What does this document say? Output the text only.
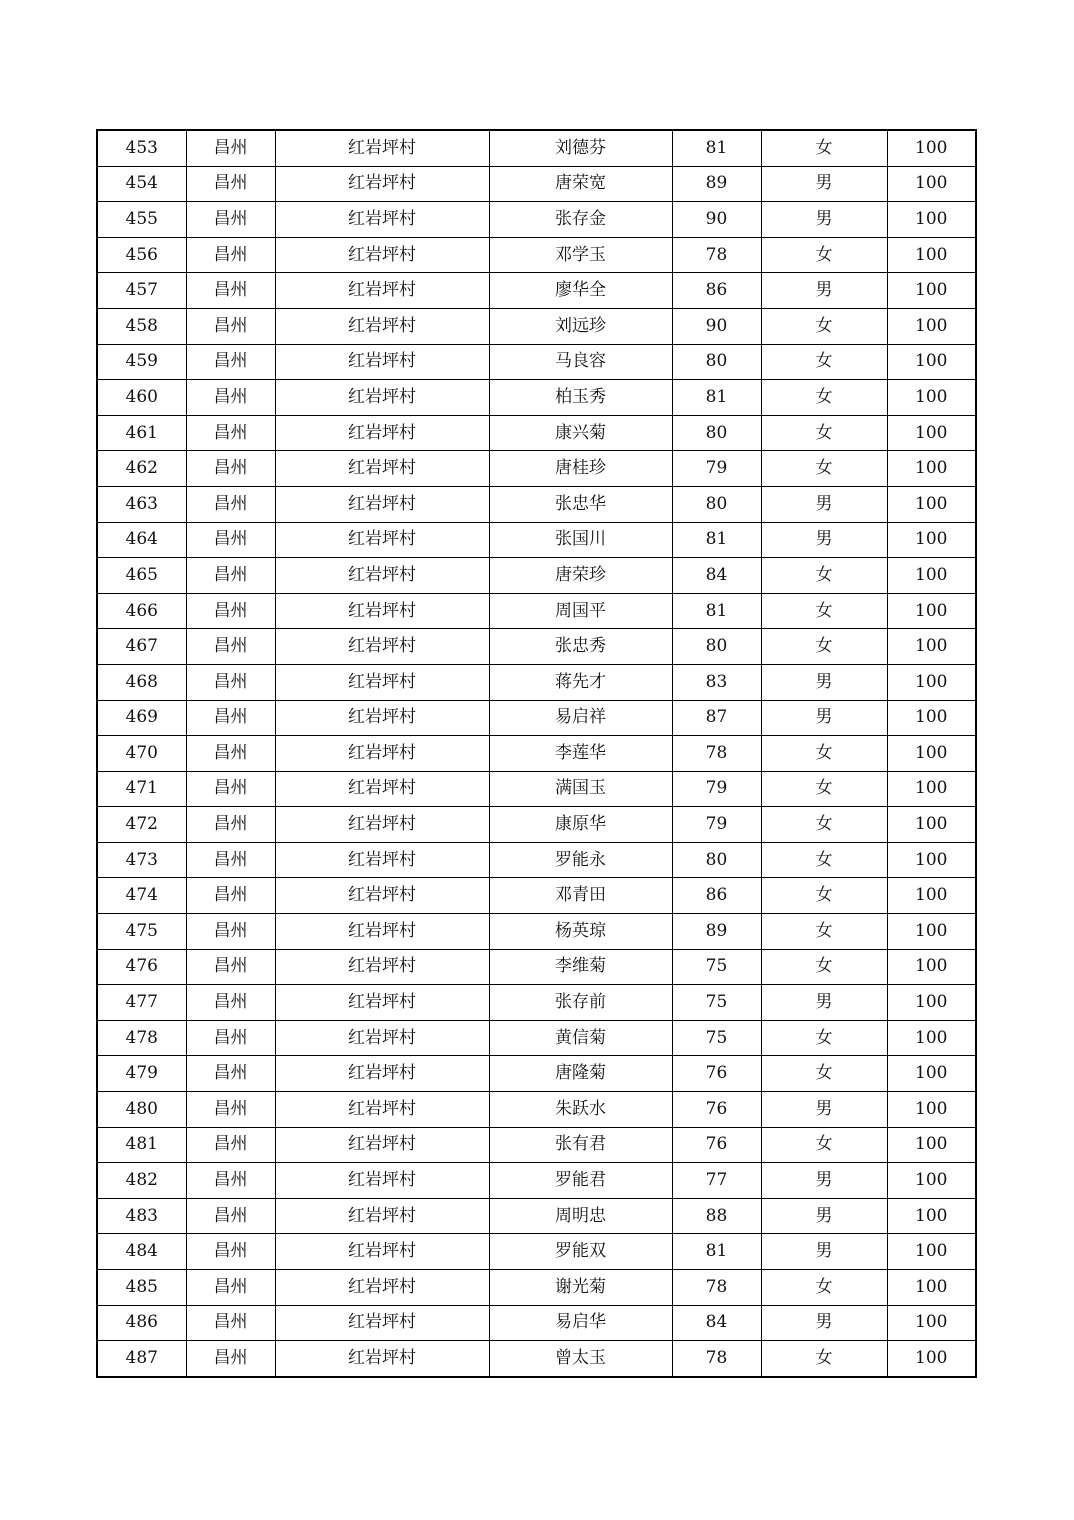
453	昌州	红岩坪村	刘德芬	81	女	100
454	昌州	红岩坪村	唐荣宽	89	男	100
455	昌州	红岩坪村	张存金	90	男	100
456	昌州	红岩坪村	邓学玉	78	女	100
457	昌州	红岩坪村	廖华全	86	男	100
458	昌州	红岩坪村	刘远珍	90	女	100
459	昌州	红岩坪村	马良容	80	女	100
460	昌州	红岩坪村	柏玉秀	81	女	100
461	昌州	红岩坪村	康兴菊	80	女	100
462	昌州	红岩坪村	唐桂珍	79	女	100
463	昌州	红岩坪村	张忠华	80	男	100
464	昌州	红岩坪村	张国川	81	男	100
465	昌州	红岩坪村	唐荣珍	84	女	100
466	昌州	红岩坪村	周国平	81	女	100
467	昌州	红岩坪村	张忠秀	80	女	100
468	昌州	红岩坪村	蒋先才	83	男	100
469	昌州	红岩坪村	易启祥	87	男	100
470	昌州	红岩坪村	李莲华	78	女	100
471	昌州	红岩坪村	满国玉	79	女	100
472	昌州	红岩坪村	康原华	79	女	100
473	昌州	红岩坪村	罗能永	80	女	100
474	昌州	红岩坪村	邓青田	86	女	100
475	昌州	红岩坪村	杨英琼	89	女	100
476	昌州	红岩坪村	李维菊	75	女	100
477	昌州	红岩坪村	张存前	75	男	100
478	昌州	红岩坪村	黄信菊	75	女	100
479	昌州	红岩坪村	唐隆菊	76	女	100
480	昌州	红岩坪村	朱跃水	76	男	100
481	昌州	红岩坪村	张有君	76	女	100
482	昌州	红岩坪村	罗能君	77	男	100
483	昌州	红岩坪村	周明忠	88	男	100
484	昌州	红岩坪村	罗能双	81	男	100
485	昌州	红岩坪村	谢光菊	78	女	100
486	昌州	红岩坪村	易启华	84	男	100
487	昌州	红岩坪村	曾太玉	78	女	100
